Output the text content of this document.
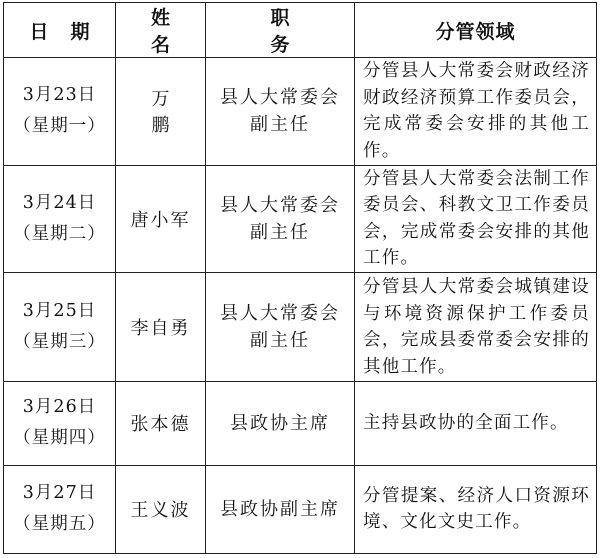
日期	姓名	职务	分管领域

3月23日
（星期一）	万鹏	县人大常委会副主任	分管县人大常委会财政经济财政经济预算工作委员会，完成常委会安排的其他工作。

3月24日
（星期二）	唐小军	县人大常委会副主任	分管县人大常委会法制工作委员会、科教文卫工作委员会，完成常委会安排的其他工作。

3月25日
（星期三）	李自勇	县人大常委会副主任	分管县人大常委会城镇建设与环境资源保护工作委员会，完成县委常委会安排的其他工作。

3月26日
（星期四）	张本德	县政协主席	主持县政协的全面工作。

3月27日
（星期五）	王义波	县政协副主席	分管提案、经济人口资源环境、文化文史工作。
